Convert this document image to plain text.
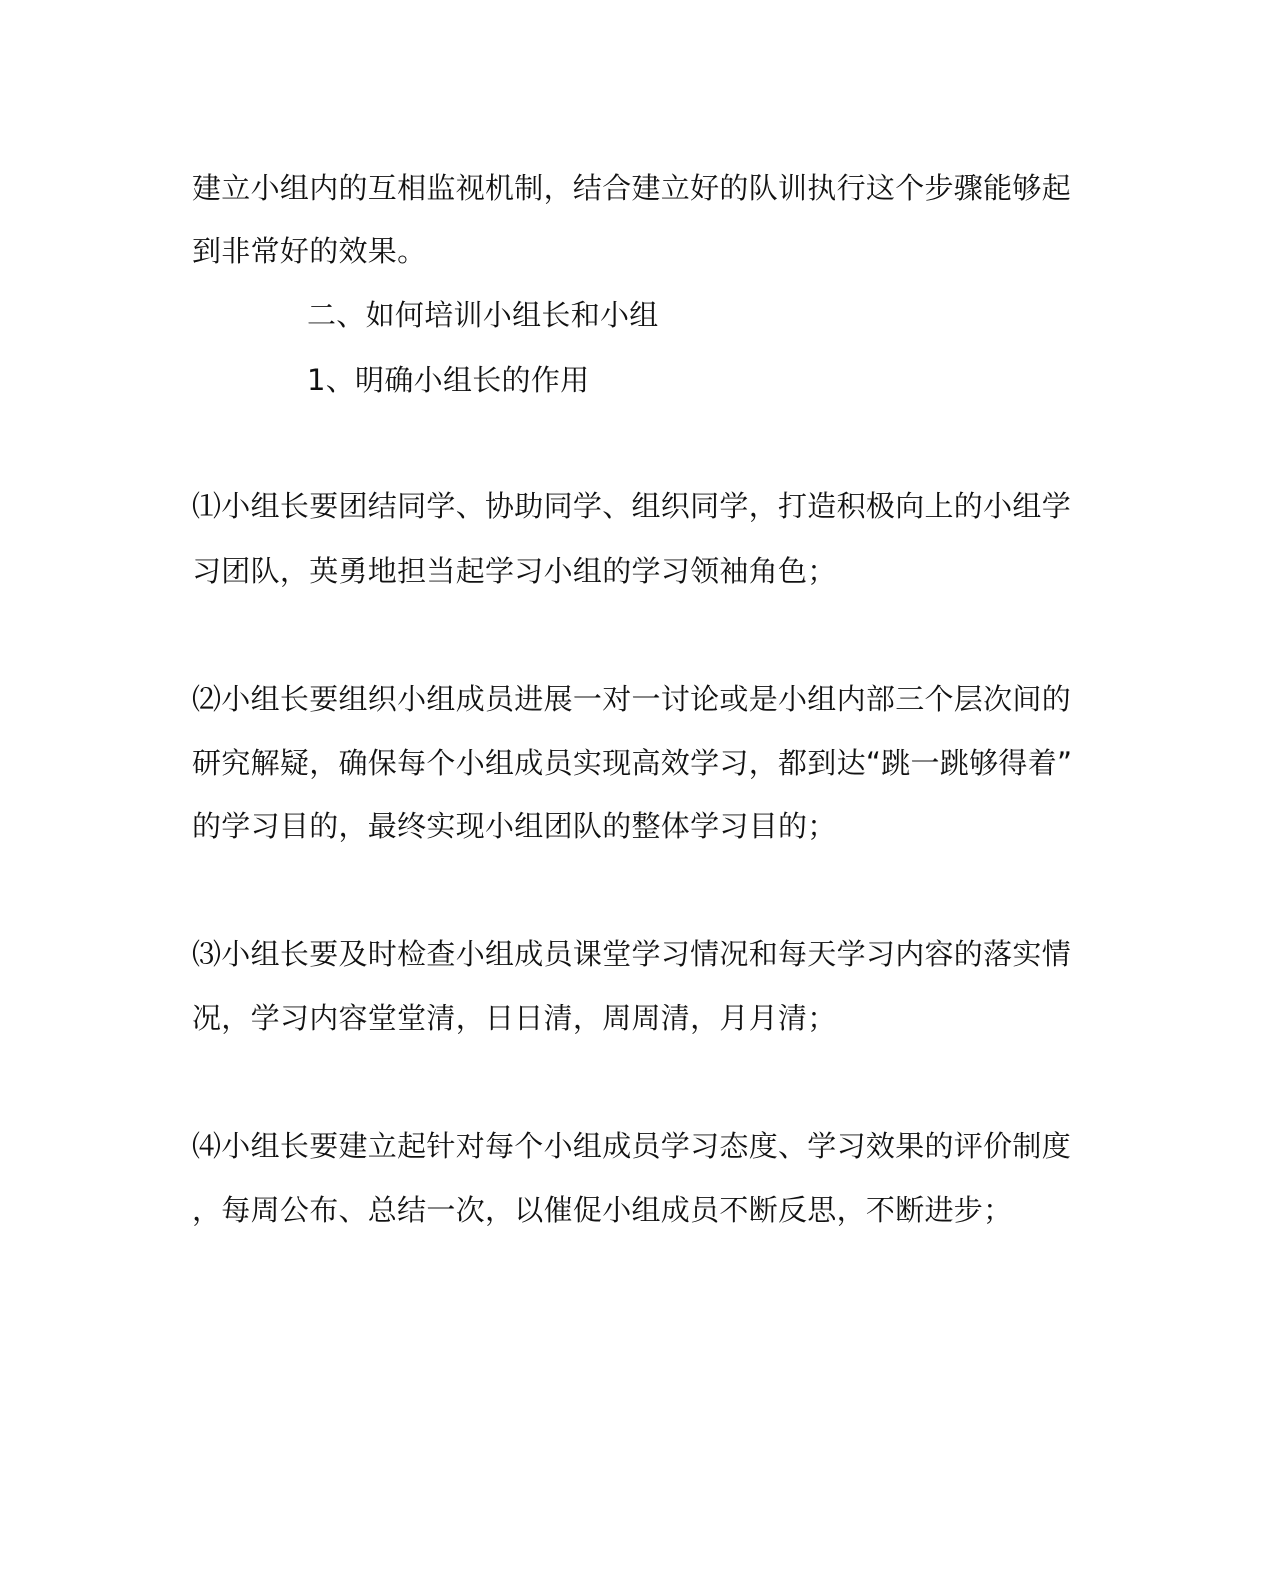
建立小组内的互相监视机制，结合建立好的队训执行这个步骤能够起
到非常好的效果。
二、如何培训小组长和小组
1、明确小组长的作用
⑴小组长要团结同学、协助同学、组织同学，打造积极向上的小组学
习团队，英勇地担当起学习小组的学习领袖角色；
⑵小组长要组织小组成员进展一对一讨论或是小组内部三个层次间的
研究解疑，确保每个小组成员实现高效学习，都到达“跳一跳够得着”
的学习目的，最终实现小组团队的整体学习目的；
⑶小组长要及时检查小组成员课堂学习情况和每天学习内容的落实情
况，学习内容堂堂清，日日清，周周清，月月清；
⑷小组长要建立起针对每个小组成员学习态度、学习效果的评价制度
，每周公布、总结一次，以催促小组成员不断反思，不断进步；
